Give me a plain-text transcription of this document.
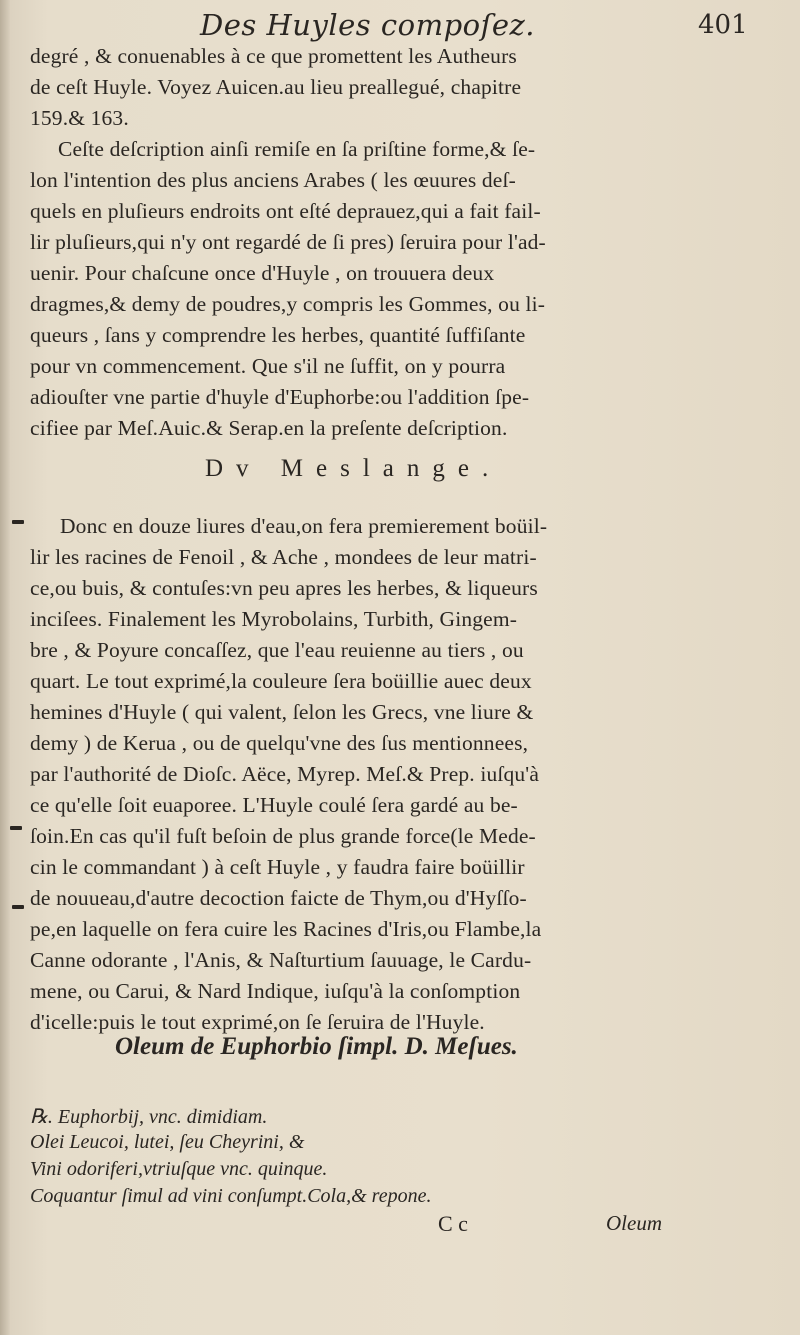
Des Huyles compoſez.	401
degré , & conuenables à ce que promettent les Autheurs
de ceſt Huyle. Voyez Auicen.au lieu preallegué, chapitre
159.& 163.
Ceſte deſcription ainſi remiſe en ſa priſtine forme,& ſe-
lon l'intention des plus anciens Arabes ( les œuures deſ-
quels en pluſieurs endroits ont eſté deprauez,qui a fait fail-
lir pluſieurs,qui n'y ont regardé de ſi pres) ſeruira pour l'ad-
uenir. Pour chaſcune once d'Huyle , on trouuera deux
dragmes,& demy de poudres,y compris les Gommes, ou li-
queurs , ſans y comprendre les herbes, quantité ſuffiſante
pour vn commencement. Que s'il ne ſuffit, on y pourra
adiouſter vne partie d'huyle d'Euphorbe:ou l'addition ſpe-
cifiee par Meſ.Auic.& Serap.en la preſente deſcription.
Dv Meslange.
Donc en douze liures d'eau,on fera premierement boüil-
lir les racines de Fenoil , & Ache , mondees de leur matri-
ce,ou buis, & contuſes:vn peu apres les herbes, & liqueurs
inciſees. Finalement les Myrobolains, Turbith, Gingem-
bre , & Poyure concaſſez, que l'eau reuienne au tiers , ou
quart. Le tout exprimé,la couleure ſera boüillie auec deux
hemines d'Huyle ( qui valent, ſelon les Grecs, vne liure &
demy ) de Kerua , ou de quelqu'vne des ſus mentionnees,
par l'authorité de Dioſc. Aëce, Myrep. Meſ.& Prep. iuſqu'à
ce qu'elle ſoit euaporee. L'Huyle coulé ſera gardé au be-
ſoin.En cas qu'il fuſt beſoin de plus grande force(le Mede-
cin le commandant ) à ceſt Huyle , y faudra faire boüillir
de nouueau,d'autre decoction faicte de Thym,ou d'Hyſſo-
pe,en laquelle on fera cuire les Racines d'Iris,ou Flambe,la
Canne odorante , l'Anis, & Naſturtium ſauuage, le Cardu-
mene, ou Carui, & Nard Indique, iuſqu'à la conſomption
d'icelle:puis le tout exprimé,on ſe ſeruira de l'Huyle.
Oleum de Euphorbio ſimpl. D. Meſues.
℞. Euphorbij, vnc. dimidiam.
Olei Leucoi, lutei, ſeu Cheyrini, &
Vini odoriferi,vtriuſque vnc. quinque.
Coquantur ſimul ad vini conſumpt.Cola,& repone.
C c	Oleum
